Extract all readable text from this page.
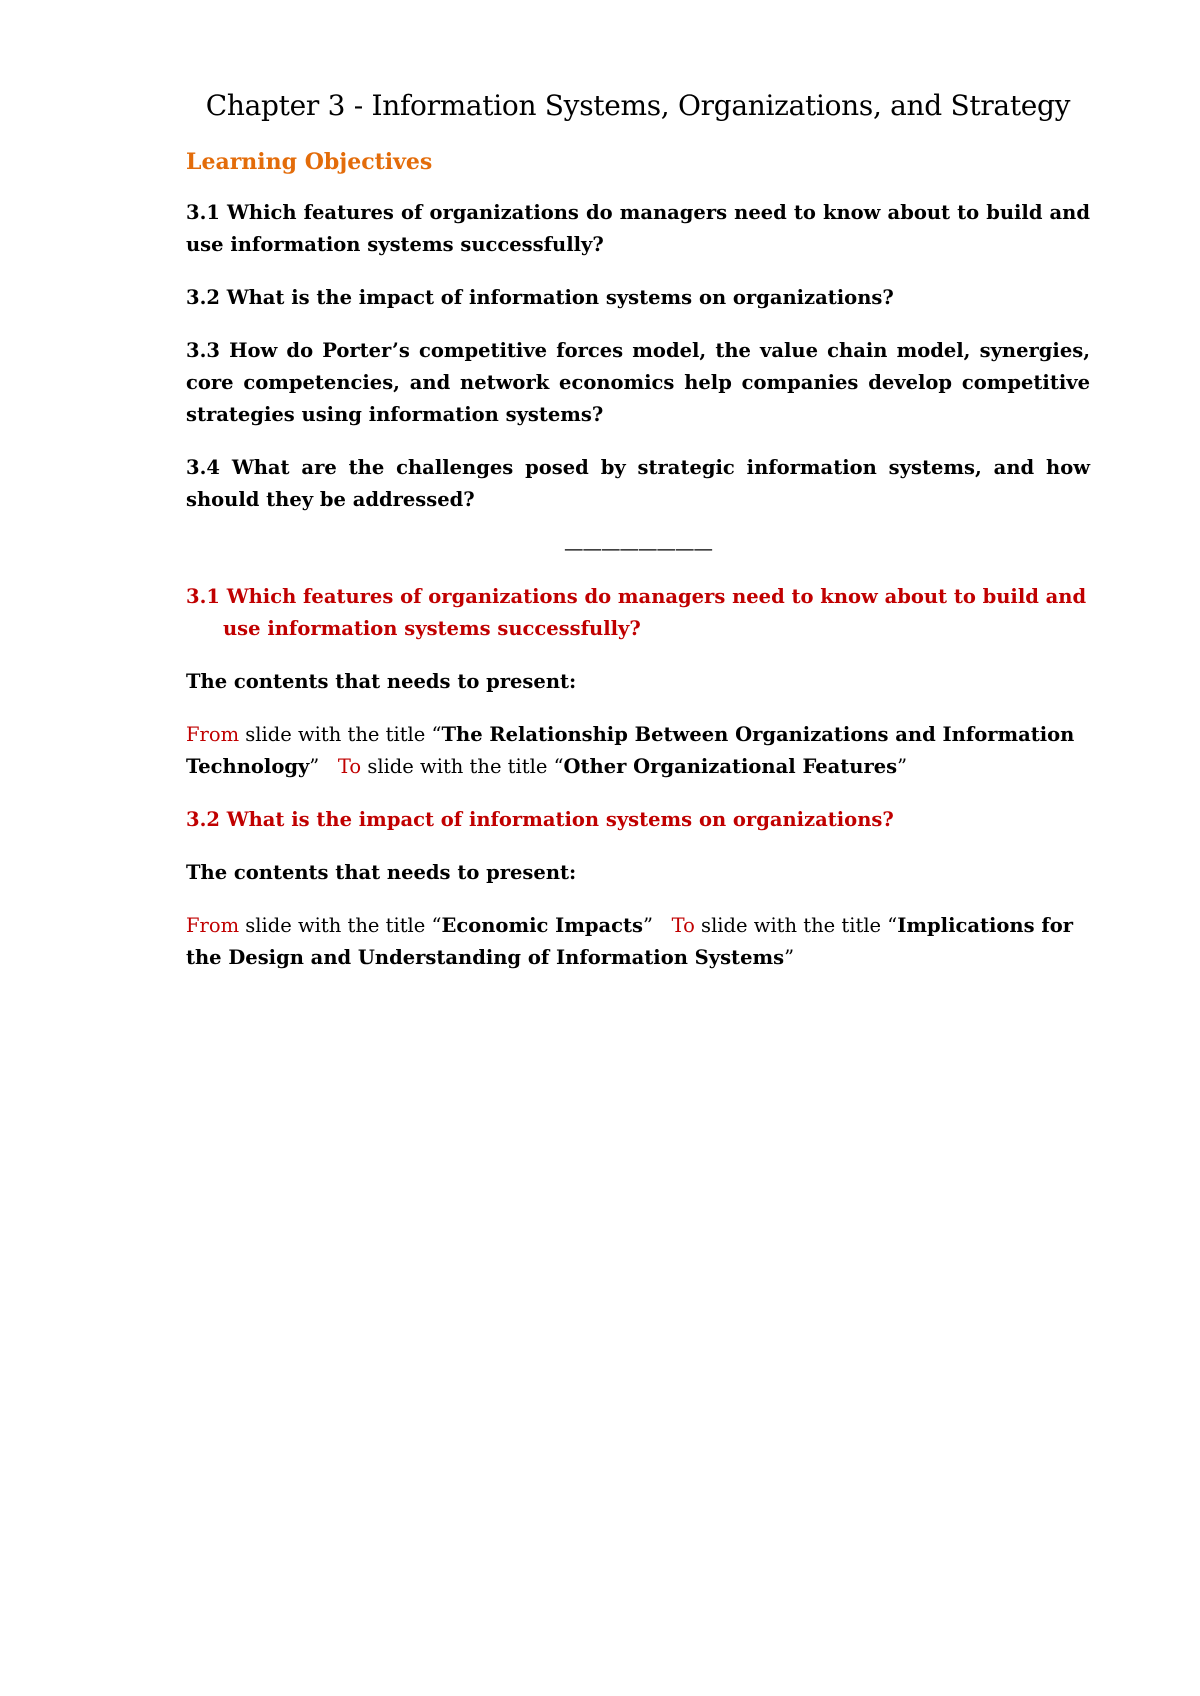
Chapter 3 - Information Systems, Organizations, and Strategy
Learning Objectives

3.1 Which features of organizations do managers need to know about to build and use information systems successfully?

3.2 What is the impact of information systems on organizations?

3.3 How do Porter’s competitive forces model, the value chain model, synergies, core competencies, and network economics help companies develop competitive strategies using information systems?

3.4 What are the challenges posed by strategic information systems, and how should they be addressed?

————————

3.1 Which features of organizations do managers need to know about to build and use information systems successfully?

The contents that needs to present:

From slide with the title “The Relationship Between Organizations and Information Technology” To slide with the title “Other Organizational Features”

3.2 What is the impact of information systems on organizations?

The contents that needs to present:

From slide with the title “Economic Impacts” To slide with the title “Implications for the Design and Understanding of Information Systems”
